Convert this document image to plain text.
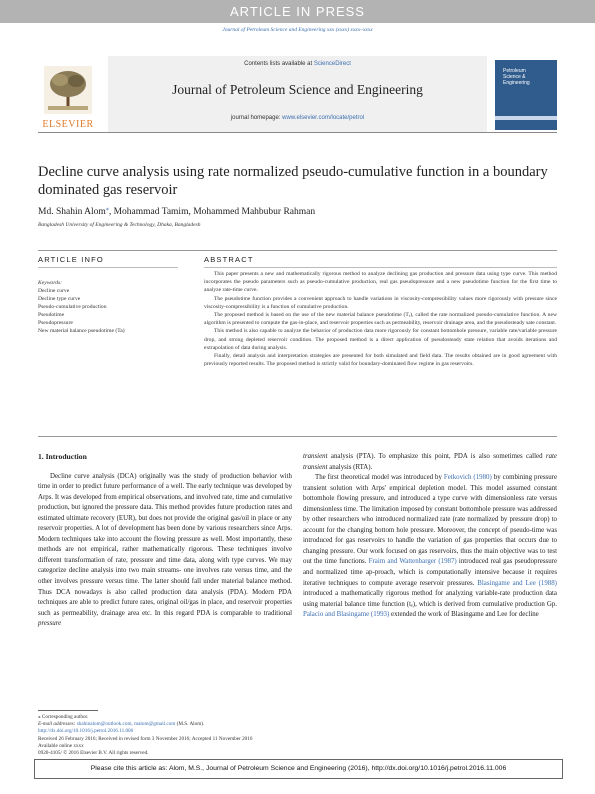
ARTICLE IN PRESS
Journal of Petroleum Science and Engineering xxx (xxxx) xxxx–xxxx
ELSEVIER
Contents lists available at ScienceDirect
Journal of Petroleum Science and Engineering
journal homepage: www.elsevier.com/locate/petrol
Petroleum
Science &
Engineering
Decline curve analysis using rate normalized pseudo-cumulative function in a boundary dominated gas reservoir
Md. Shahin Alom⁎, Mohammad Tamim, Mohammed Mahbubur Rahman
Bangladesh University of Engineering & Technology, Dhaka, Bangladesh
ARTICLE INFO	ABSTRACT
Keywords:
Decline curve
Decline type curve
Pseudo-cumulative production
Pseudotime
Pseudopressure
New material balance pseudotime (Ta)

This paper presents a new and mathematically rigorous method to analyze declining gas production and pressure data using type curve. This method incorporates the pseudo parameters such as pseudo-cumulative production, real gas pseudopressure and a new pseudotime function for the first time to analyze rate-time curve.

The pseudotime function provides a convenient approach to handle variations in viscosity-compressibility values more rigorously with pressure since viscosity-compressibility is a function of cumulative production.

The proposed method is based on the use of the new material balance pseudotime (Tₐ), called the rate normalized pseudo-cumulative function. A new algorithm is presented to compute the gas-in-place, and reservoir properties such as permeability, reservoir drainage area, and the pseudosteady sate constant.

This method is also capable to analyze the behavior of production data more rigorously for constant bottomhole pressure, variable rate/variable pressure drop, and strong depleted reservoir condition. The proposed method is a direct application of pseudosteady state relation that avoids iterations and extrapolation of data during analysis.

Finally, detail analysis and interpretation strategies are presented for both simulated and field data. The results obtained are in good agreement with previously reported results. The proposed method is strictly valid for boundary-dominated flow regime in gas reservoirs.

1. Introduction

Decline curve analysis (DCA) originally was the study of production behavior with time in order to predict future performance of a well. The early technique was developed by Arps. It was developed from empirical observations, and involved rate, time and cumulative production, but ignored the pressure data. This method provides future production rates and estimated ultimate recovery (EUR), but does not provide the original gas/oil in place or any reservoir properties. A lot of development has been done by various researchers since Arps. Modern techniques take into account the flowing pressure as well. Most importantly, these methods are not empirical, rather mathematically rigorous. These techniques involve different transformation of rate, pressure and time data, along with type curves. We may categorize decline analysis into two main streams- one involves rate versus time, and the other involves pressure versus time. The latter should fall under material balance method. Thus DCA nowadays is also called production data analysis (PDA). Modern PDA techniques are able to predict future rates, original oil/gas in place, and reservoir properties such as permeability, drainage area etc. In this regard PDA is comparable to traditional pressure

transient analysis (PTA). To emphasize this point, PDA is also sometimes called rate transient analysis (RTA).

The first theoretical model was introduced by Fetkovich (1980) by combining pressure transient solution with Arps' empirical depletion model. This model assumed constant bottomhole flowing pressure, and introduced a type curve with dimensionless rate versus dimensionless time. The limitation imposed by constant bottomhole pressure was addressed by other researchers who introduced normalized rate (rate normalized by pressure drop) to account for the changing bottom hole pressure. Moreover, the concept of pseudo-time was introduced for gas reservoirs to handle the variation of gas properties that occurs due to changing pressure. Our work focused on gas reservoirs, thus the main objective was to test out the time functions. Fraim and Wattenbarger (1987) introduced real gas pseudopressure and normalized time ap-proach, which is computationally intensive because it requires iterative techniques to compute average reservoir pressures. Blasingame and Lee (1988) introduced a mathematically rigorous method for analyzing variable-rate production data using material balance time function (tₑ), which is derived from cumulative production Gp. Palacio and Blasingame (1993) extended the work of Blasingame and Lee for decline

⁎ Corresponding author.
E-mail addresses: shahinalom@outlook.com, malom@gmail.com (M.S. Alom).
http://dx.doi.org/10.1016/j.petrol.2016.11.006
Received 26 February 2016; Received in revised form 3 November 2016; Accepted 11 November 2016
Available online xxxx
0920-4105/ © 2016 Elsevier B.V. All rights reserved.
Please cite this article as: Alom, M.S., Journal of Petroleum Science and Engineering (2016), http://dx.doi.org/10.1016/j.petrol.2016.11.006
